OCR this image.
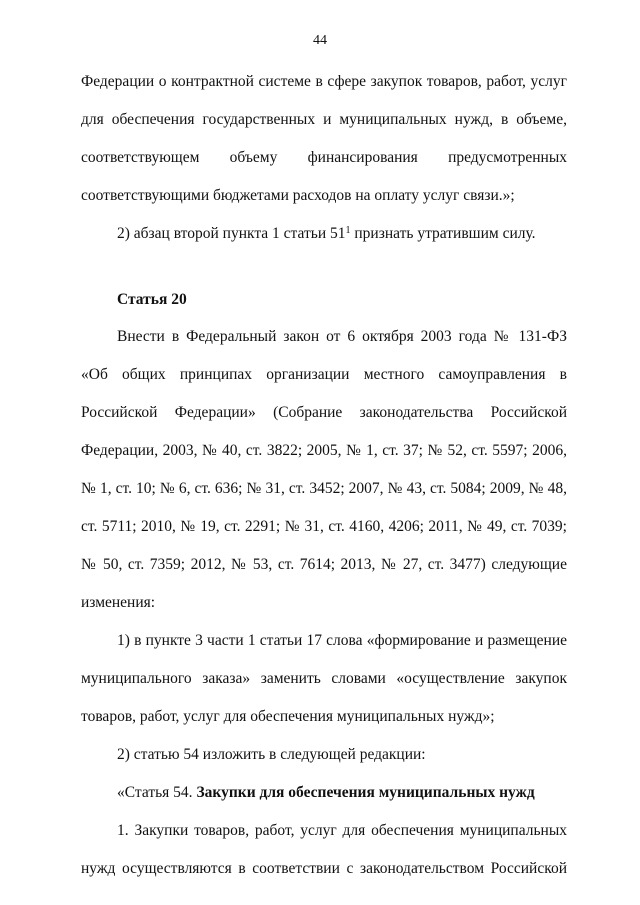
44
Федерации о контрактной системе в сфере закупок товаров, работ, услуг
для обеспечения государственных и муниципальных нужд, в объеме,
соответствующем объему финансирования предусмотренных
соответствующими бюджетами расходов на оплату услуг связи.»;
2) абзац второй пункта 1 статьи $51^1$ признать утратившим силу.
Статья 20
Внести в Федеральный закон от 6 октября 2003 года № 131-ФЗ
«Об общих принципах организации местного самоуправления в
Российской Федерации» (Собрание законодательства Российской
Федерации, 2003, № 40, ст. 3822; 2005, № 1, ст. 37; № 52, ст. 5597; 2006,
№ 1, ст. 10; № 6, ст. 636; № 31, ст. 3452; 2007, № 43, ст. 5084; 2009, № 48,
ст. 5711; 2010, № 19, ст. 2291; № 31, ст. 4160, 4206; 2011, № 49, ст. 7039;
№ 50, ст. 7359; 2012, № 53, ст. 7614; 2013, № 27, ст. 3477) следующие
изменения:
1) в пункте 3 части 1 статьи 17 слова «формирование и размещение
муниципального заказа» заменить словами «осуществление закупок
товаров, работ, услуг для обеспечения муниципальных нужд»;
2) статью 54 изложить в следующей редакции:
«Статья 54. Закупки для обеспечения муниципальных нужд
1. Закупки товаров, работ, услуг для обеспечения муниципальных
нужд осуществляются в соответствии с законодательством Российской
